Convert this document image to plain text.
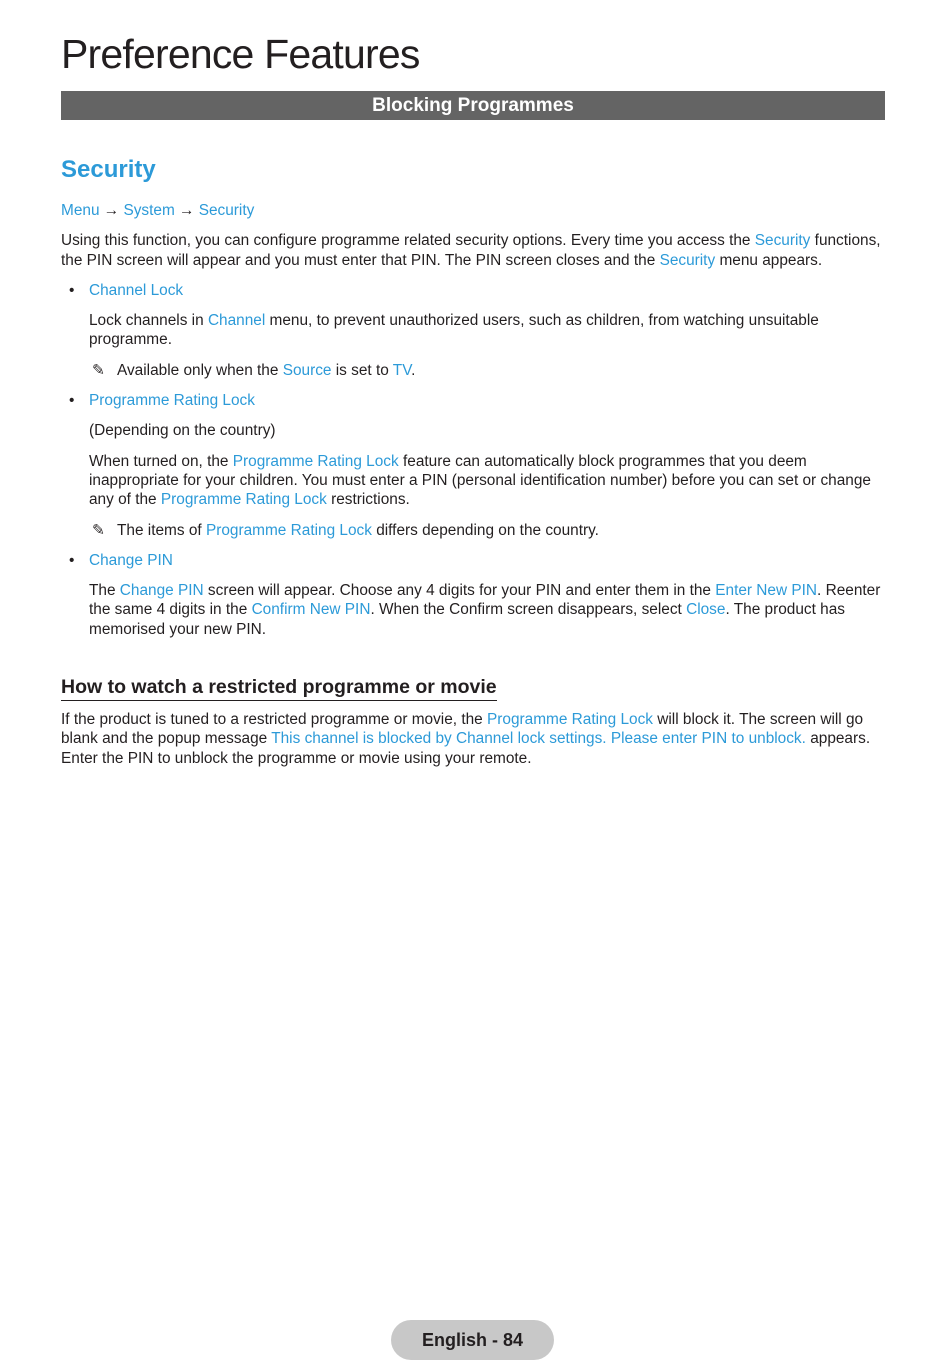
Preference Features
Blocking Programmes
Security

Menu → System → Security

Using this function, you can configure programme related security options. Every time you access the Security functions, the PIN screen will appear and you must enter that PIN. The PIN screen closes and the Security menu appears.

• Channel Lock

Lock channels in Channel menu, to prevent unauthorized users, such as children, from watching unsuitable programme.

✎ Available only when the Source is set to TV.

• Programme Rating Lock

(Depending on the country)

When turned on, the Programme Rating Lock feature can automatically block programmes that you deem inappropriate for your children. You must enter a PIN (personal identification number) before you can set or change any of the Programme Rating Lock restrictions.

✎ The items of Programme Rating Lock differs depending on the country.

• Change PIN

The Change PIN screen will appear. Choose any 4 digits for your PIN and enter them in the Enter New PIN. Reenter the same 4 digits in the Confirm New PIN. When the Confirm screen disappears, select Close. The product has memorised your new PIN.

How to watch a restricted programme or movie

If the product is tuned to a restricted programme or movie, the Programme Rating Lock will block it. The screen will go blank and the popup message This channel is blocked by Channel lock settings. Please enter PIN to unblock. appears. Enter the PIN to unblock the programme or movie using your remote.

English - 84
